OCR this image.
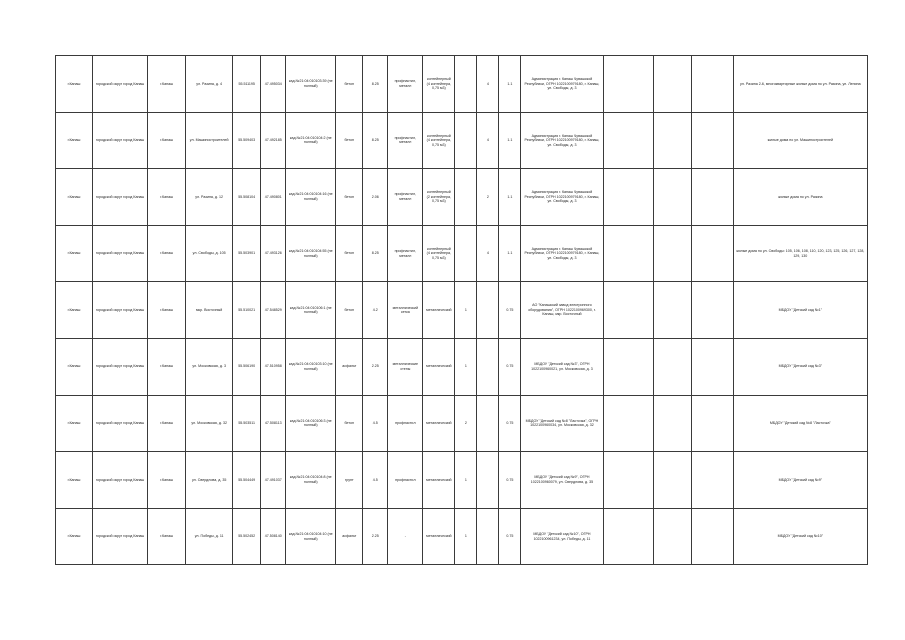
г.Канаш	городской округ город Канаш	г.Канаш	ул. Разина, д. 4	55.511195	47.495034	кад.№21:04:010103:39 (не полный)	бетон	8.25	профнастил, металл	контейнерный (4 контейнера, 0,75 м3)		4	1.1	Администрация г. Канаш Чувашской Республики, ОГРН 1022100979180, г. Канаш, ул. Свободы, д. 3				ул. Разина 2-6, многоквартирные жилые дома по ул. Разина, ул. Ленина
г.Канаш	городской округ город Канаш	г.Канаш	ул. Машиностроителей	55.509403	47.492185	кад.№21:04:010104:2 (не полный)	бетон	8.25	профнастил, металл	контейнерный (4 контейнера, 0,75 м3)		4	1.1	Администрация г. Канаш Чувашской Республики, ОГРН 1022100979180, г. Канаш, ул. Свободы, д. 3				жилые дома по ул. Машиностроителей
г.Канаш	городской округ город Канаш	г.Канаш	ул. Разина, д. 12	55.508104	47.490801	кад.№21:04:010104:16 (не полный)	бетон	2.06	профнастил, металл	контейнерный (2 контейнера, 0,75 м3)		2	1.1	Администрация г. Канаш Чувашской Республики, ОГРН 1022100979180, г. Канаш, ул. Свободы, д. 3				жилые дома по ул. Разина
г.Канаш	городской округ город Канаш	г.Канаш	ул. Свободы, д. 105	55.503901	47.493126	кад.№21:04:010104:55 (не полный)	бетон	8.25	профнастил, металл	контейнерный (4 контейнера, 0,75 м3)		4	1.1	Администрация г. Канаш Чувашской Республики, ОГРН 1022100979180, г. Канаш, ул. Свободы, д. 3				жилые дома по ул. Свободы: 105, 106, 108, 110, 120, 123, 125, 126, 127, 128, 129, 130
г.Канаш	городской округ город Канаш	г.Канаш	мкр. Восточный	55.510021	47.548529	кад.№21:04:010106:1 (не полный)	бетон	4.2	металлический сетка	металлический	1		0.75	АО "Канашский завод электронного оборудования", ОГРН 1022100969300, г. Канаш, мкр. Восточный				МБДОУ "Детский сад №1"
г.Канаш	городской округ город Канаш	г.Канаш	ул. Московская, д. 3	55.506190	47.510958	кад.№21:04:010103:10 (не полный)	асфальт	2.25	металлические стены	металлический	1		0.75	МБДОУ "Детский сад №3", ОГРН 1022100960021, ул. Московская, д. 3				МБДОУ "Детский сад №3"
г.Канаш	городской округ город Канаш	г.Канаш	ул. Московская, д. 32	55.503511	47.508113	кад.№21:04:010106:3 (не полный)	бетон	4.5	профнастил	металлический	2		0.75	МБДОУ "Детский сад №8 "Ласточка", ОГРН 1022100960034, ул. Московская, д. 32				МБДОУ "Детский сад №8 "Ласточка"
г.Канаш	городской округ город Канаш	г.Канаш	ул. Свердлова, д. 35	55.504449	47.491037	кад.№21:04:010104:8 (не полный)	грунт	4.5	профнастил	металлический	1		0.75	МБДОУ "Детский сад №9", ОГРН 1022100960079, ул. Свердлова, д. 35				МБДОУ "Детский сад №9"
г.Канаш	городской округ город Канаш	г.Канаш	ул. Победы, д. 11	55.502452	47.508140	кад.№21:04:010104:10 (не полный)	асфальт	2.25	-	металлический	1		0.75	МБДОУ "Детский сад №10", ОГРН 1022100961234, ул. Победы, д. 11				МБДОУ "Детский сад №10"
